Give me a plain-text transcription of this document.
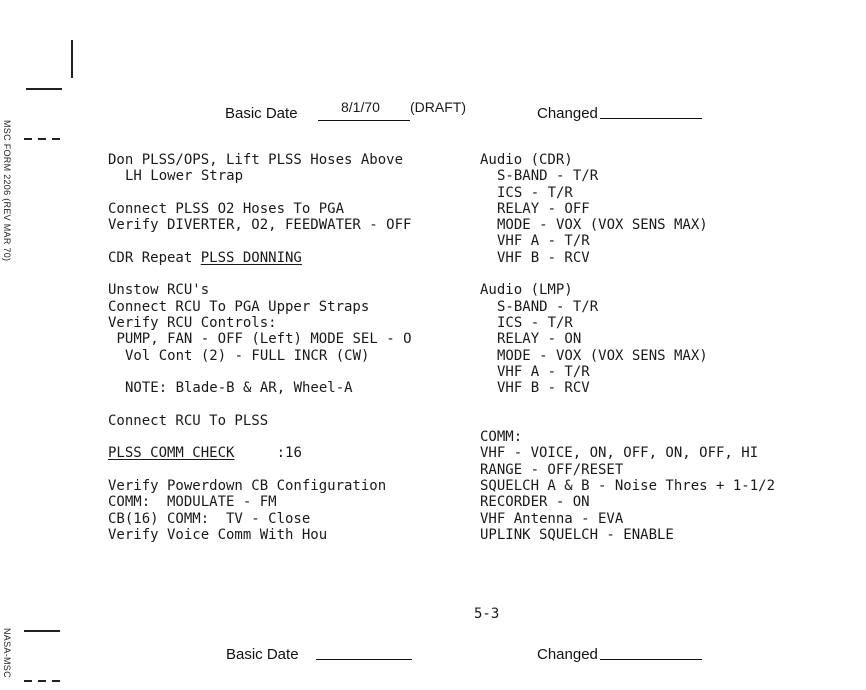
MSC FORM 2206 (REV MAR 70)
NASA-MSC
Basic Date	8/1/70 (DRAFT)	Changed
Don PLSS/OPS, Lift PLSS Hoses Above
LH Lower Strap
Connect PLSS O2 Hoses To PGA
Verify DIVERTER, O2, FEEDWATER - OFF
CDR Repeat PLSS DONNING
Unstow RCU's
Connect RCU To PGA Upper Straps
Verify RCU Controls:
PUMP, FAN - OFF (Left) MODE SEL - O
Vol Cont (2) - FULL INCR (CW)
NOTE: Blade-B & AR, Wheel-A
Connect RCU To PLSS
PLSS COMM CHECK     :16
Verify Powerdown CB Configuration
COMM:  MODULATE - FM
CB(16) COMM:  TV - Close
Verify Voice Comm With Hou
Audio (CDR)
S-BAND - T/R
ICS - T/R
RELAY - OFF
MODE - VOX (VOX SENS MAX)
VHF A - T/R
VHF B - RCV
Audio (LMP)
S-BAND - T/R
ICS - T/R
RELAY - ON
MODE - VOX (VOX SENS MAX)
VHF A - T/R
VHF B - RCV
COMM:
VHF - VOICE, ON, OFF, ON, OFF, HI
RANGE - OFF/RESET
SQUELCH A & B - Noise Thres + 1-1/2
RECORDER - ON
VHF Antenna - EVA
UPLINK SQUELCH - ENABLE
5-3
Basic Date	Changed
